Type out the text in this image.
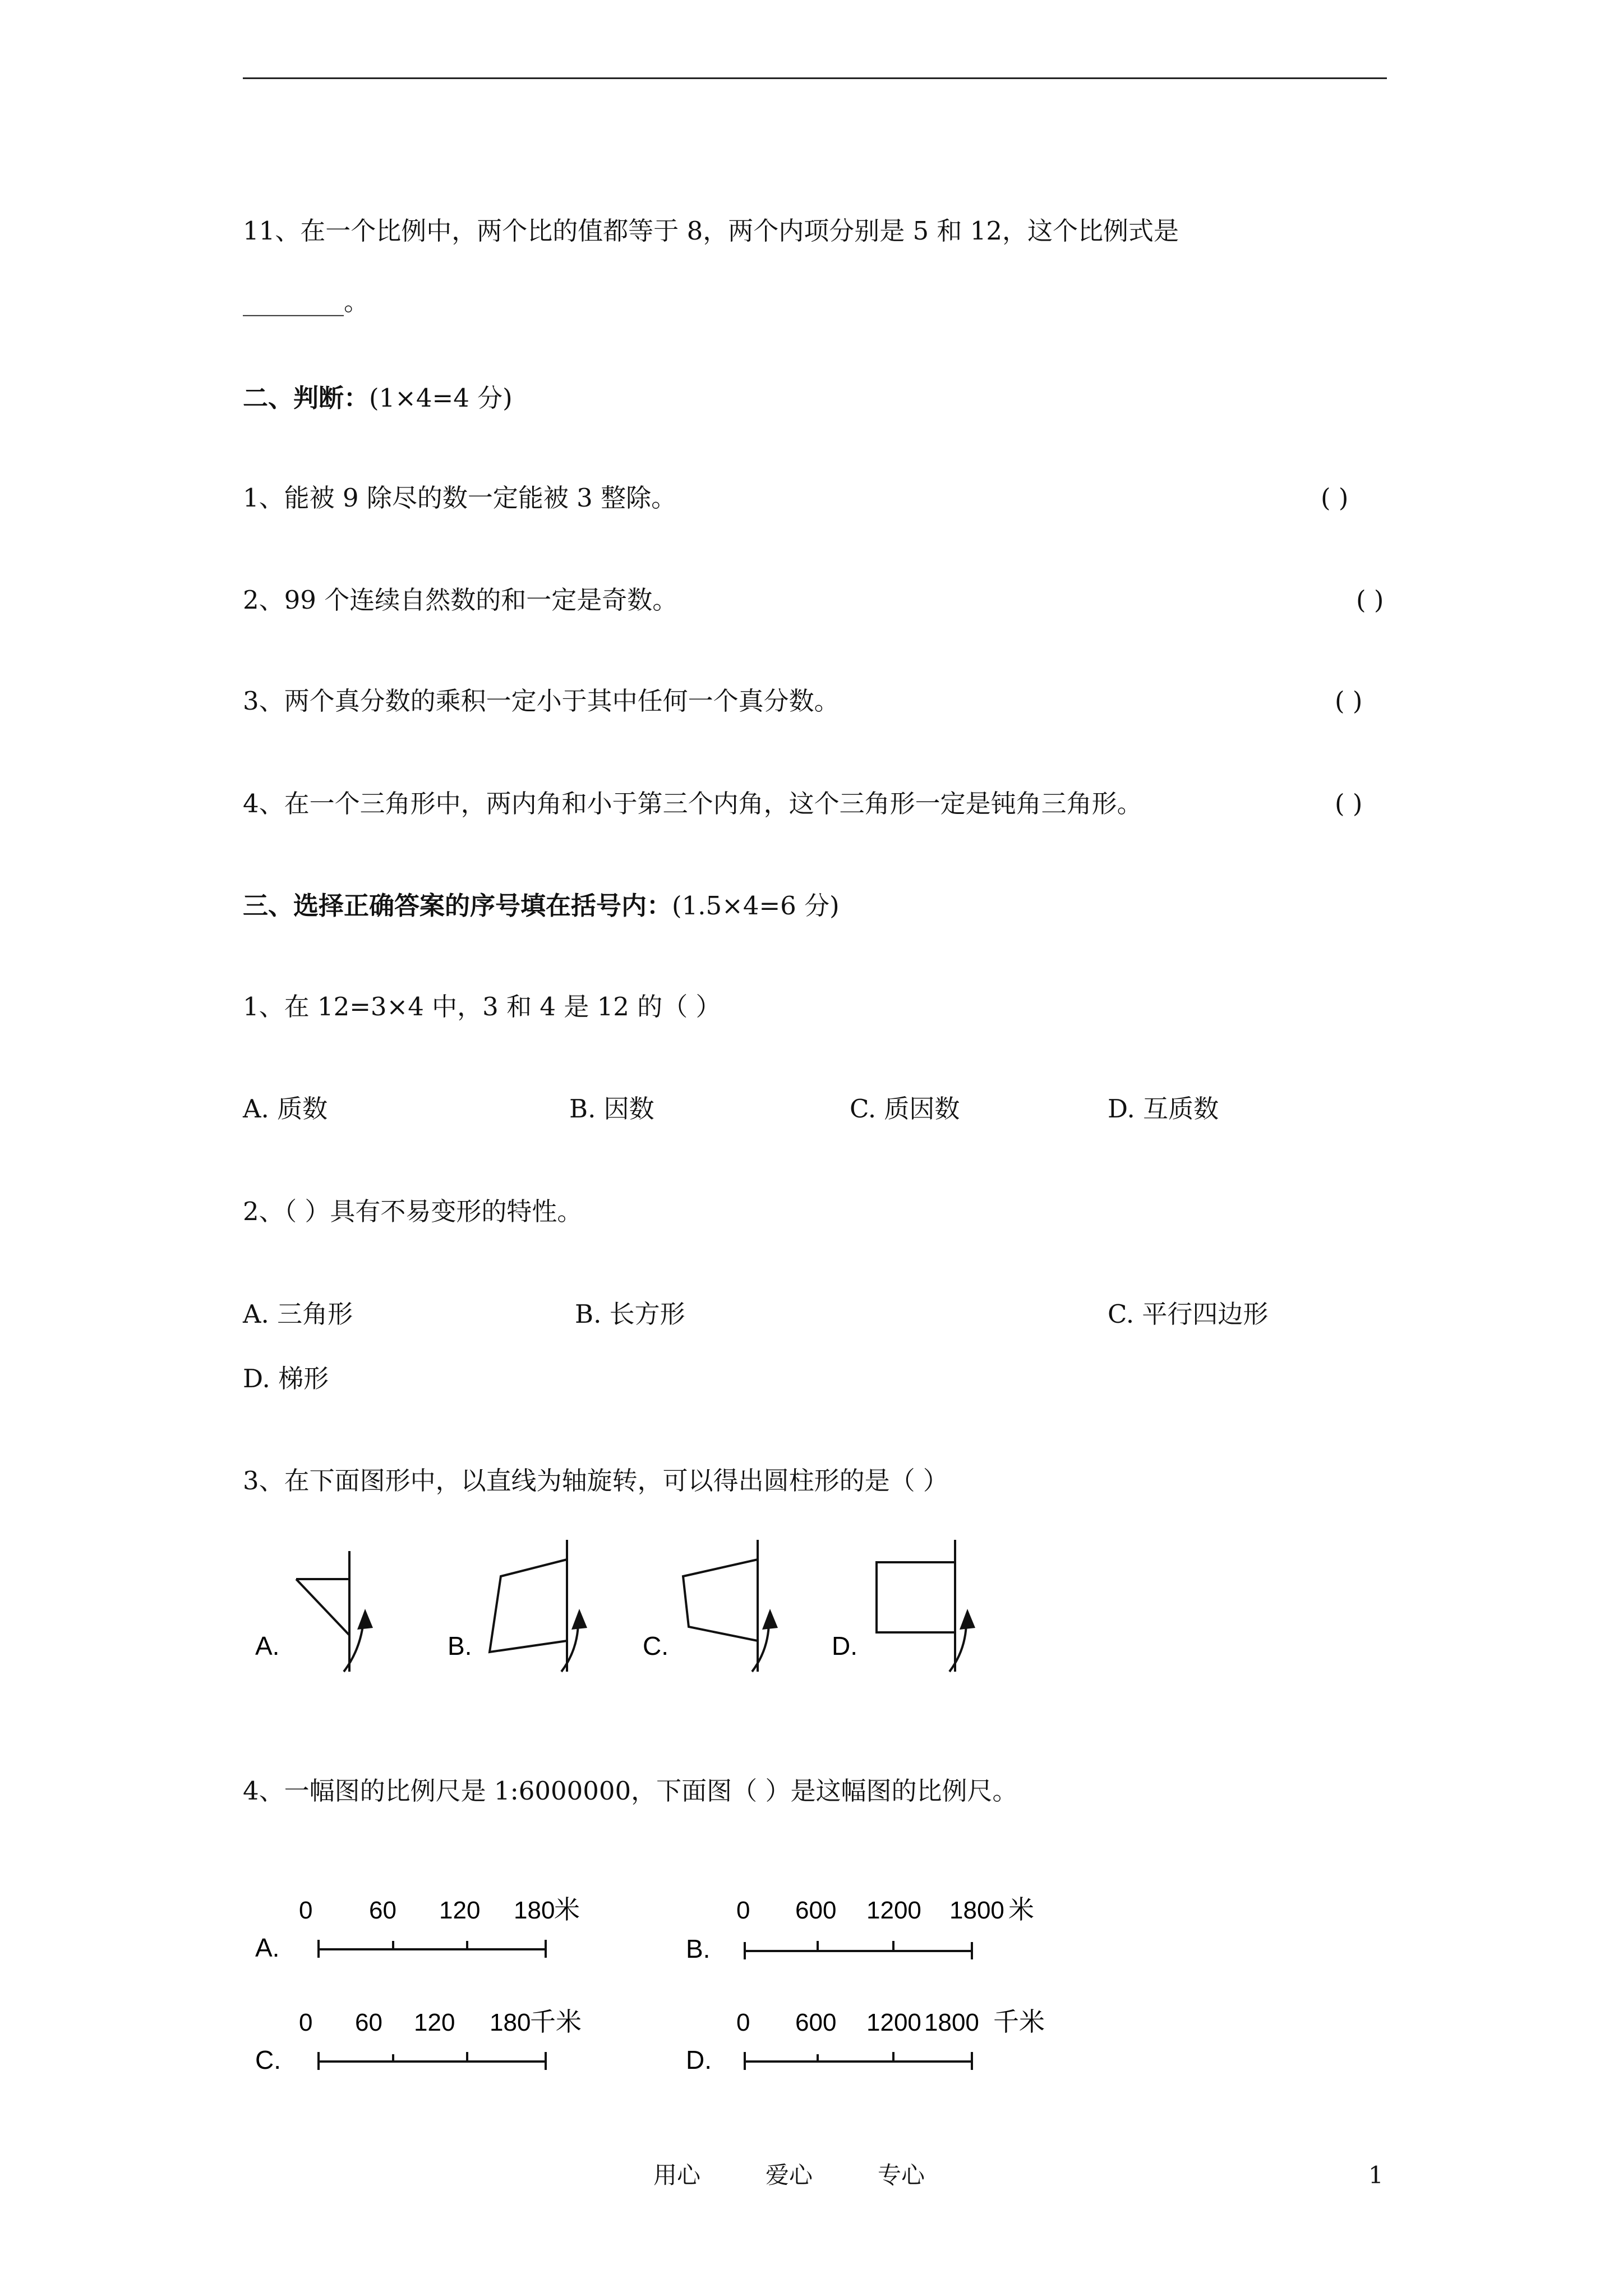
11、在一个比例中，两个比的值都等于 8，两个内项分别是 5 和 12，这个比例式是
________。
二、判断：(1×4=4 分)
1、能被 9 除尽的数一定能被 3 整除。	( )
2、99 个连续自然数的和一定是奇数。	( )
3、两个真分数的乘积一定小于其中任何一个真分数。	( )
4、在一个三角形中，两内角和小于第三个内角，这个三角形一定是钝角三角形。	( )
三、选择正确答案的序号填在括号内：(1.5×4=6 分)
1、在 12=3×4 中，3 和 4 是 12 的（ ）
A. 质数	B. 因数	C. 质因数	D. 互质数
2、（ ）具有不易变形的特性。
A. 三角形	B. 长方形	C. 平行四边形
D. 梯形
3、在下面图形中，以直线为轴旋转，可以得出圆柱形的是（ ）
A.	B.	C.	D.
4、一幅图的比例尺是 1:6000000，下面图（ ）是这幅图的比例尺。
A.
0 60 120 180
米
B.
0 600 1200 1800 米
C.
0 60 120 180
千米
D.
0 600 1200 1800 千米
用心	爱心	专心	1
